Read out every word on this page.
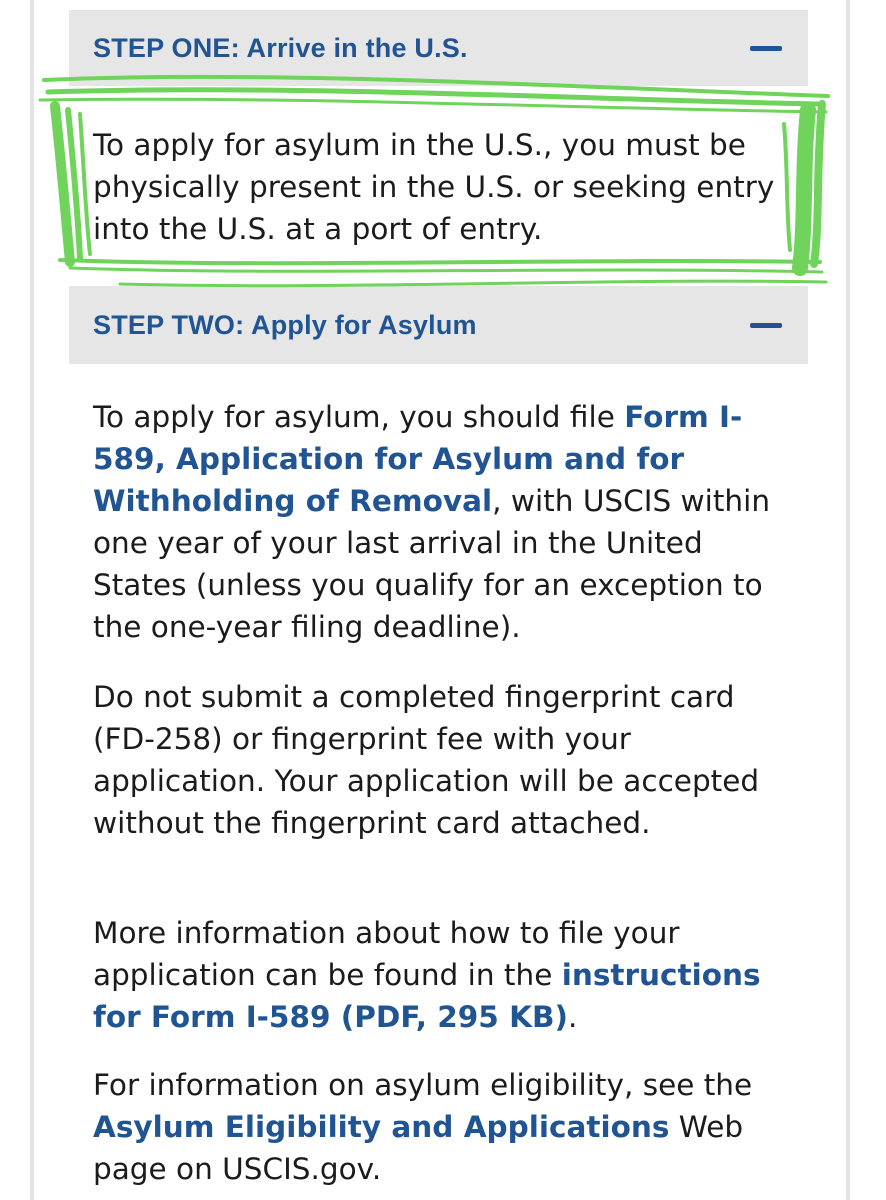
STEP ONE: Arrive in the U.S.

To apply for asylum in the U.S., you must be physically present in the U.S. or seeking entry into the U.S. at a port of entry.

STEP TWO: Apply for Asylum

To apply for asylum, you should file Form I-589, Application for Asylum and for Withholding of Removal, with USCIS within one year of your last arrival in the United States (unless you qualify for an exception to the one-year filing deadline).

Do not submit a completed fingerprint card (FD-258) or fingerprint fee with your application. Your application will be accepted without the fingerprint card attached.

More information about how to file your application can be found in the instructions for Form I-589 (PDF, 295 KB).

For information on asylum eligibility, see the Asylum Eligibility and Applications Web page on USCIS.gov.
